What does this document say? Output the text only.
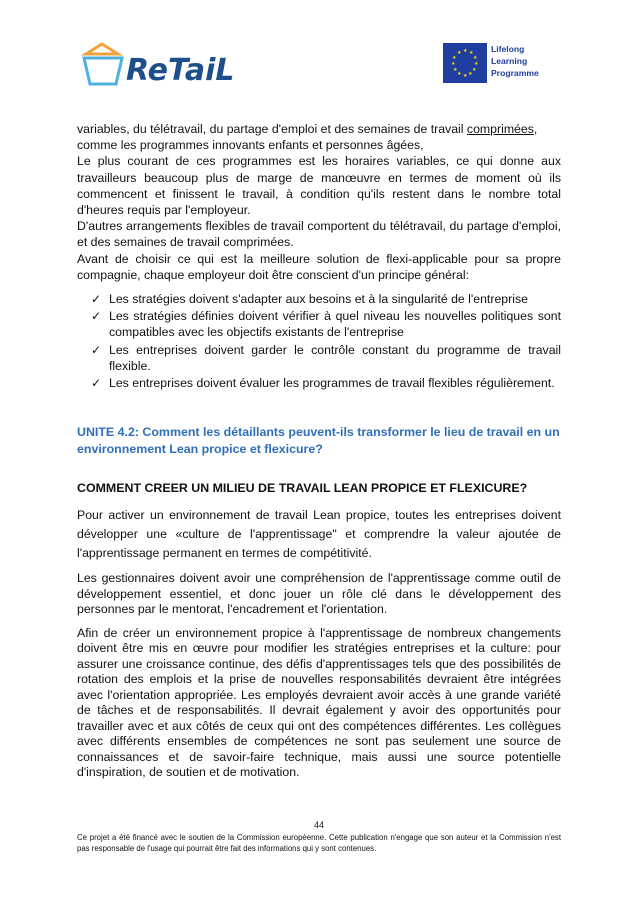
ReTaiL
★ ★
★
★
★
★
★
★
★
★
★
★	Lifelong
Learning
Programme

variables, du télétravail, du partage d'emploi et des semaines de travail comprimées,

comme les programmes innovants enfants et personnes âgées,

Le plus courant de ces programmes est les horaires variables, ce qui donne aux travailleurs beaucoup plus de marge de manœuvre en termes de moment où ils commencent et finissent le travail, à condition qu'ils restent dans le nombre total d'heures requis par l'employeur.

D'autres arrangements flexibles de travail comportent du télétravail, du partage d'emploi, et des semaines de travail comprimées.

Avant de choisir ce qui est la meilleure solution de flexi-applicable pour sa propre compagnie, chaque employeur doit être conscient d'un principe général:

✓ Les stratégies doivent s'adapter aux besoins et à la singularité de l'entreprise
✓ Les stratégies définies doivent vérifier à quel niveau les nouvelles politiques sont compatibles avec les objectifs existants de l'entreprise
✓ Les entreprises doivent garder le contrôle constant du programme de travail flexible.
✓ Les entreprises doivent évaluer les programmes de travail flexibles régulièrement.

UNITE 4.2: Comment les détaillants peuvent-ils transformer le lieu de travail en un environnement Lean propice et flexicure?

COMMENT CREER UN MILIEU DE TRAVAIL LEAN PROPICE ET FLEXICURE?

Pour activer un environnement de travail Lean propice, toutes les entreprises doivent développer une «culture de l'apprentissage" et comprendre la valeur ajoutée de l'apprentissage permanent en termes de compétitivité.

Les gestionnaires doivent avoir une compréhension de l'apprentissage comme outil de développement essentiel, et donc jouer un rôle clé dans le développement des personnes par le mentorat, l'encadrement et l'orientation.

Afin de créer un environnement propice à l'apprentissage de nombreux changements doivent être mis en œuvre pour modifier les stratégies entreprises et la culture: pour assurer une croissance continue, des défis d'apprentissages tels que des possibilités de rotation des emplois et la prise de nouvelles responsabilités devraient être intégrées avec l'orientation appropriée. Les employés devraient avoir accès à une grande variété de tâches et de responsabilités. Il devrait également y avoir des opportunités pour travailler avec et aux côtés de ceux qui ont des compétences différentes. Les collègues avec différents ensembles de compétences ne sont pas seulement une source de connaissances et de savoir-faire technique, mais aussi une source potentielle d'inspiration, de soutien et de motivation.

44
Ce projet a été financé avec le soutien de la Commission européenne. Cette publication n'engage que son auteur et la Commission n'est pas responsable de l'usage qui pourrait être fait des informations qui y sont contenues.
